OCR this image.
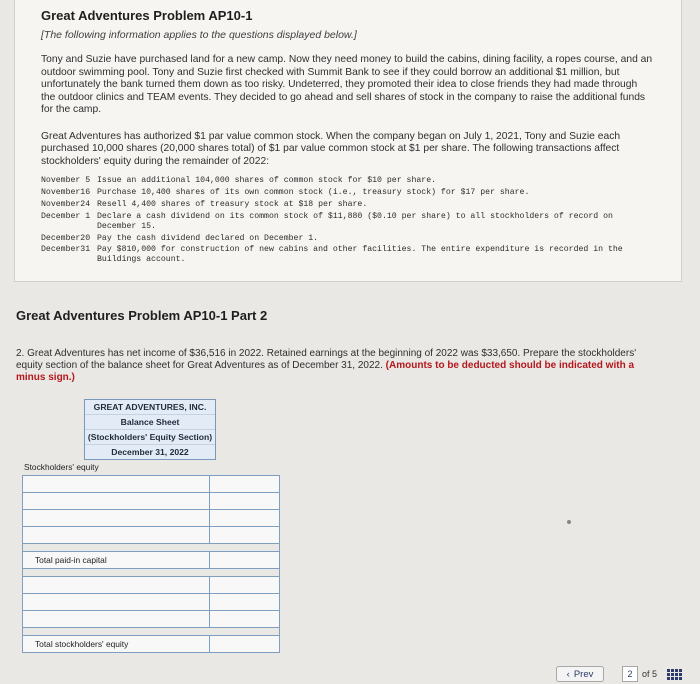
Great Adventures Problem AP10-1
[The following information applies to the questions displayed below.]

Tony and Suzie have purchased land for a new camp. Now they need money to build the cabins, dining facility, a ropes course, and an outdoor swimming pool. Tony and Suzie first checked with Summit Bank to see if they could borrow an additional $1 million, but unfortunately the bank turned them down as too risky. Undeterred, they promoted their idea to close friends they had made through the outdoor clinics and TEAM events. They decided to go ahead and sell shares of stock in the company to raise the additional funds for the camp.

Great Adventures has authorized $1 par value common stock. When the company began on July 1, 2021, Tony and Suzie each purchased 10,000 shares (20,000 shares total) of $1 par value common stock at $1 per share. The following transactions affect stockholders' equity during the remainder of 2022:

November 5 Issue an additional 104,000 shares of common stock for $10 per share.
November16 Purchase 10,400 shares of its own common stock (i.e., treasury stock) for $17 per share.
November24 Resell 4,400 shares of treasury stock at $18 per share.
December 1 Declare a cash dividend on its common stock of $11,880 ($0.10 per share) to all stockholders of record on December 15.
December20 Pay the cash dividend declared on December 1.
December31 Pay $810,000 for construction of new cabins and other facilities. The entire expenditure is recorded in the Buildings account.
Great Adventures Problem AP10-1 Part 2
2. Great Adventures has net income of $36,516 in 2022. Retained earnings at the beginning of 2022 was $33,650. Prepare the stockholders' equity section of the balance sheet for Great Adventures as of December 31, 2022. (Amounts to be deducted should be indicated with a minus sign.)
GREAT ADVENTURES, INC.
Balance Sheet
(Stockholders' Equity Section)
December 31, 2022
Stockholders' equity
Total paid-in capital
Total stockholders' equity
‹ Prev	2	of 5
